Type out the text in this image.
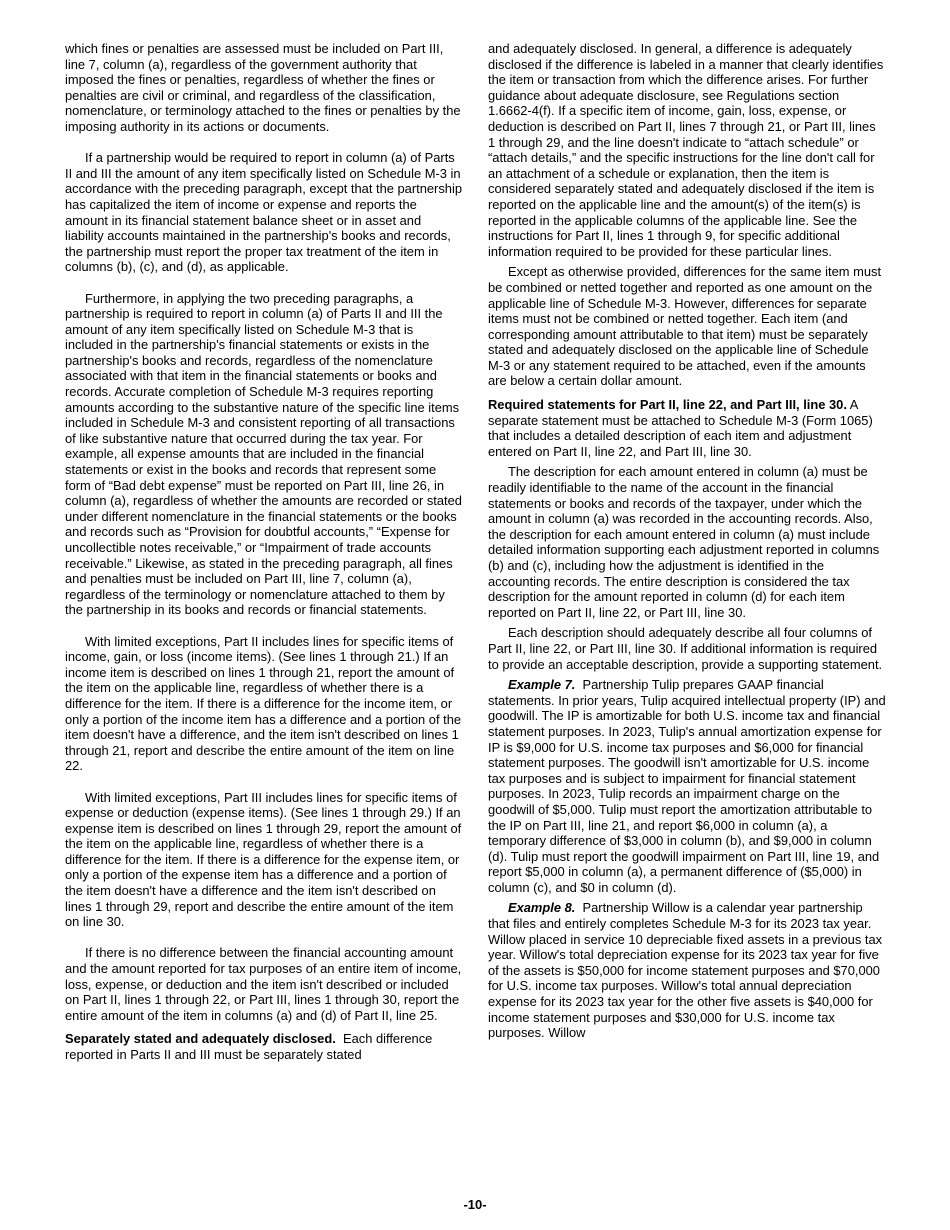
which fines or penalties are assessed must be included on Part III, line 7, column (a), regardless of the government authority that imposed the fines or penalties, regardless of whether the fines or penalties are civil or criminal, and regardless of the classification, nomenclature, or terminology attached to the fines or penalties by the imposing authority in its actions or documents.

If a partnership would be required to report in column (a) of Parts II and III the amount of any item specifically listed on Schedule M-3 in accordance with the preceding paragraph, except that the partnership has capitalized the item of income or expense and reports the amount in its financial statement balance sheet or in asset and liability accounts maintained in the partnership's books and records, the partnership must report the proper tax treatment of the item in columns (b), (c), and (d), as applicable.

Furthermore, in applying the two preceding paragraphs, a partnership is required to report in column (a) of Parts II and III the amount of any item specifically listed on Schedule M-3 that is included in the partnership's financial statements or exists in the partnership's books and records, regardless of the nomenclature associated with that item in the financial statements or books and records. Accurate completion of Schedule M-3 requires reporting amounts according to the substantive nature of the specific line items included in Schedule M-3 and consistent reporting of all transactions of like substantive nature that occurred during the tax year. For example, all expense amounts that are included in the financial statements or exist in the books and records that represent some form of “Bad debt expense” must be reported on Part III, line 26, in column (a), regardless of whether the amounts are recorded or stated under different nomenclature in the financial statements or the books and records such as “Provision for doubtful accounts,” “Expense for uncollectible notes receivable,” or “Impairment of trade accounts receivable.” Likewise, as stated in the preceding paragraph, all fines and penalties must be included on Part III, line 7, column (a), regardless of the terminology or nomenclature attached to them by the partnership in its books and records or financial statements.

With limited exceptions, Part II includes lines for specific items of income, gain, or loss (income items). (See lines 1 through 21.) If an income item is described on lines 1 through 21, report the amount of the item on the applicable line, regardless of whether there is a difference for the item. If there is a difference for the income item, or only a portion of the income item has a difference and a portion of the item doesn't have a difference, and the item isn't described on lines 1 through 21, report and describe the entire amount of the item on line 22.

With limited exceptions, Part III includes lines for specific items of expense or deduction (expense items). (See lines 1 through 29.) If an expense item is described on lines 1 through 29, report the amount of the item on the applicable line, regardless of whether there is a difference for the item. If there is a difference for the expense item, or only a portion of the expense item has a difference and a portion of the item doesn't have a difference and the item isn't described on lines 1 through 29, report and describe the entire amount of the item on line 30.

If there is no difference between the financial accounting amount and the amount reported for tax purposes of an entire item of income, loss, expense, or deduction and the item isn't described or included on Part II, lines 1 through 22, or Part III, lines 1 through 30, report the entire amount of the item in columns (a) and (d) of Part II, line 25.

Separately stated and adequately disclosed. Each difference reported in Parts II and III must be separately stated

and adequately disclosed. In general, a difference is adequately disclosed if the difference is labeled in a manner that clearly identifies the item or transaction from which the difference arises. For further guidance about adequate disclosure, see Regulations section 1.6662-4(f). If a specific item of income, gain, loss, expense, or deduction is described on Part II, lines 7 through 21, or Part III, lines 1 through 29, and the line doesn't indicate to “attach schedule” or “attach details,” and the specific instructions for the line don't call for an attachment of a schedule or explanation, then the item is considered separately stated and adequately disclosed if the item is reported on the applicable line and the amount(s) of the item(s) is reported in the applicable columns of the applicable line. See the instructions for Part II, lines 1 through 9, for specific additional information required to be provided for these particular lines.

Except as otherwise provided, differences for the same item must be combined or netted together and reported as one amount on the applicable line of Schedule M-3. However, differences for separate items must not be combined or netted together. Each item (and corresponding amount attributable to that item) must be separately stated and adequately disclosed on the applicable line of Schedule M-3 or any statement required to be attached, even if the amounts are below a certain dollar amount.

Required statements for Part II, line 22, and Part III, line 30. A separate statement must be attached to Schedule M-3 (Form 1065) that includes a detailed description of each item and adjustment entered on Part II, line 22, and Part III, line 30.

The description for each amount entered in column (a) must be readily identifiable to the name of the account in the financial statements or books and records of the taxpayer, under which the amount in column (a) was recorded in the accounting records. Also, the description for each amount entered in column (a) must include detailed information supporting each adjustment reported in columns (b) and (c), including how the adjustment is identified in the accounting records. The entire description is considered the tax description for the amount reported in column (d) for each item reported on Part II, line 22, or Part III, line 30.

Each description should adequately describe all four columns of Part II, line 22, or Part III, line 30. If additional information is required to provide an acceptable description, provide a supporting statement.

Example 7. Partnership Tulip prepares GAAP financial statements. In prior years, Tulip acquired intellectual property (IP) and goodwill. The IP is amortizable for both U.S. income tax and financial statement purposes. In 2023, Tulip's annual amortization expense for IP is $9,000 for U.S. income tax purposes and $6,000 for financial statement purposes. The goodwill isn't amortizable for U.S. income tax purposes and is subject to impairment for financial statement purposes. In 2023, Tulip records an impairment charge on the goodwill of $5,000. Tulip must report the amortization attributable to the IP on Part III, line 21, and report $6,000 in column (a), a temporary difference of $3,000 in column (b), and $9,000 in column (d). Tulip must report the goodwill impairment on Part III, line 19, and report $5,000 in column (a), a permanent difference of ($5,000) in column (c), and $0 in column (d).

Example 8. Partnership Willow is a calendar year partnership that files and entirely completes Schedule M-3 for its 2023 tax year. Willow placed in service 10 depreciable fixed assets in a previous tax year. Willow's total depreciation expense for its 2023 tax year for five of the assets is $50,000 for income statement purposes and $70,000 for U.S. income tax purposes. Willow's total annual depreciation expense for its 2023 tax year for the other five assets is $40,000 for income statement purposes and $30,000 for U.S. income tax purposes. Willow

-10-
